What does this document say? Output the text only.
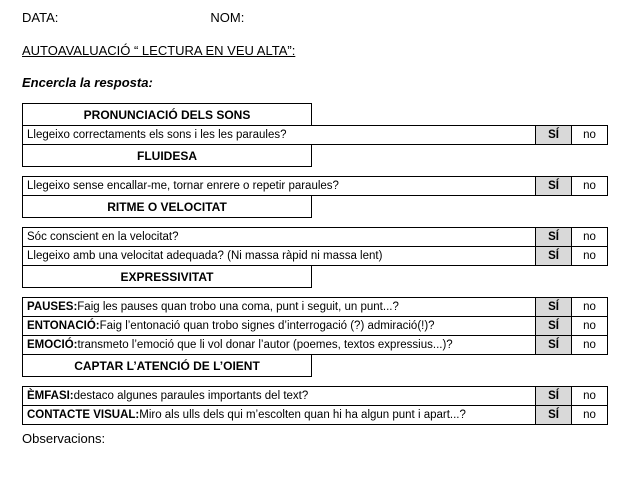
DATA:	NOM:
AUTOAVALUACIÓ “ LECTURA EN VEU ALTA”:
Encercla la resposta:
PRONUNCIACIÓ DELS SONS
Llegeixo correctaments els sons i les les paraules?	SÍ	no
FLUIDESA
Llegeixo sense encallar-me, tornar enrere o repetir paraules?	SÍ	no
RITME O VELOCITAT
Sóc conscient en la velocitat?	SÍ	no
Llegeixo amb una velocitat adequada? (Ni massa ràpid ni massa lent)	SÍ	no
EXPRESSIVITAT
PAUSES: Faig les pauses quan trobo una coma, punt i seguit, un punt...?	SÍ	no
ENTONACIÓ: Faig l’entonació quan trobo signes d’interrogació (?) admiració(!)?	SÍ	no
EMOCIÓ: transmeto l’emoció que li vol donar l’autor (poemes, textos expressius...)?	SÍ	no
CAPTAR L’ATENCIÓ DE L’OIENT
ÈMFASI: destaco algunes paraules importants del text?	SÍ	no
CONTACTE VISUAL: Miro als ulls dels qui m’escolten quan hi ha algun punt i apart...?	SÍ	no
Observacions:
